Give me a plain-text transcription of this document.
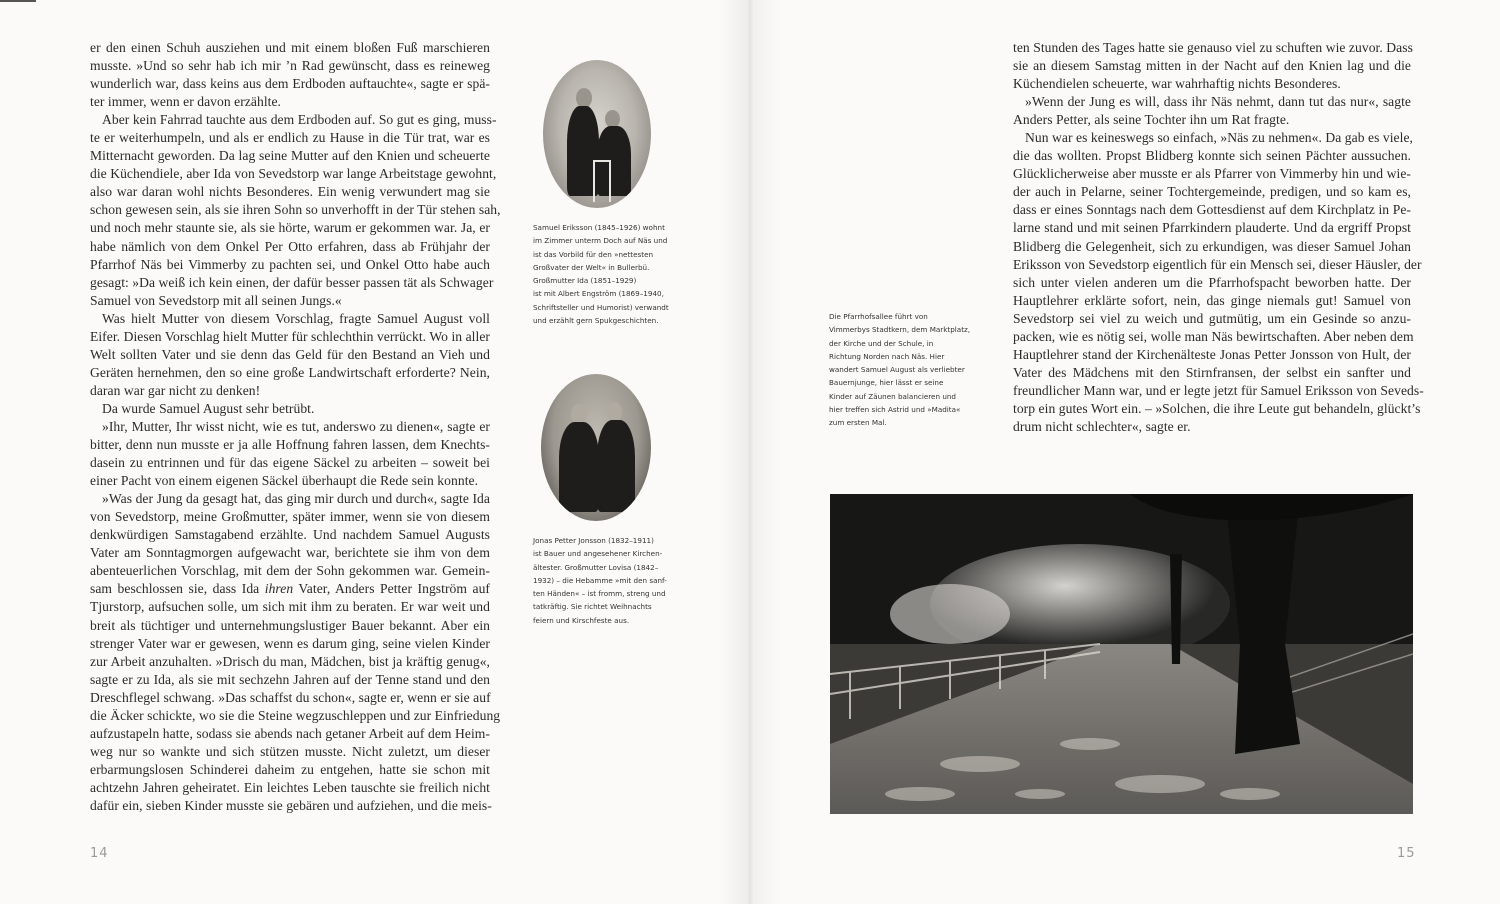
er den einen Schuh ausziehen und mit einem bloßen Fuß marschieren
musste. »Und so sehr hab ich mir ’n Rad gewünscht, dass es reineweg
wunderlich war, dass keins aus dem Erdboden auftauchte«, sagte er spä-
ter immer, wenn er davon erzählte.
Aber kein Fahrrad tauchte aus dem Erdboden auf. So gut es ging, muss-
te er weiterhumpeln, und als er endlich zu Hause in die Tür trat, war es
Mitternacht geworden. Da lag seine Mutter auf den Knien und scheuerte
die Küchendiele, aber Ida von Sevedstorp war lange Arbeitstage gewohnt,
also war daran wohl nichts Besonderes. Ein wenig verwundert mag sie
schon gewesen sein, als sie ihren Sohn so unverhofft in der Tür stehen sah,
und noch mehr staunte sie, als sie hörte, warum er gekommen war. Ja, er
habe nämlich von dem Onkel Per Otto erfahren, dass ab Frühjahr der
Pfarrhof Näs bei Vimmerby zu pachten sei, und Onkel Otto habe auch
gesagt: »Da weiß ich kein einen, der dafür besser passen tät als Schwager
Samuel von Sevedstorp mit all seinen Jungs.«
Was hielt Mutter von diesem Vorschlag, fragte Samuel August voll
Eifer. Diesen Vorschlag hielt Mutter für schlechthin verrückt. Wo in aller
Welt sollten Vater und sie denn das Geld für den Bestand an Vieh und
Geräten hernehmen, den so eine große Landwirtschaft erforderte? Nein,
daran war gar nicht zu denken!
Da wurde Samuel August sehr betrübt.
»Ihr, Mutter, Ihr wisst nicht, wie es tut, anderswo zu dienen«, sagte er
bitter, denn nun musste er ja alle Hoffnung fahren lassen, dem Knechts-
dasein zu entrinnen und für das eigene Säckel zu arbeiten – soweit bei
einer Pacht von einem eigenen Säckel überhaupt die Rede sein konnte.
»Was der Jung da gesagt hat, das ging mir durch und durch«, sagte Ida
von Sevedstorp, meine Großmutter, später immer, wenn sie von diesem
denkwürdigen Samstagabend erzählte. Und nachdem Samuel Augusts
Vater am Sonntagmorgen aufgewacht war, berichtete sie ihm von dem
abenteuerlichen Vorschlag, mit dem der Sohn gekommen war. Gemein-
sam beschlossen sie, dass Ida ihren Vater, Anders Petter Ingström auf
Tjurstorp, aufsuchen solle, um sich mit ihm zu beraten. Er war weit und
breit als tüchtiger und unternehmungslustiger Bauer bekannt. Aber ein
strenger Vater war er gewesen, wenn es darum ging, seine vielen Kinder
zur Arbeit anzuhalten. »Drisch du man, Mädchen, bist ja kräftig genug«,
sagte er zu Ida, als sie mit sechzehn Jahren auf der Tenne stand und den
Dreschflegel schwang. »Das schaffst du schon«, sagte er, wenn er sie auf
die Äcker schickte, wo sie die Steine wegzuschleppen und zur Einfriedung
aufzustapeln hatte, sodass sie abends nach getaner Arbeit auf dem Heim-
weg nur so wankte und sich stützen musste. Nicht zuletzt, um dieser
erbarmungslosen Schinderei daheim zu entgehen, hatte sie schon mit
achtzehn Jahren geheiratet. Ein leichtes Leben tauschte sie freilich nicht
dafür ein, sieben Kinder musste sie gebären und aufziehen, und die meis-
ten Stunden des Tages hatte sie genauso viel zu schuften wie zuvor. Dass
sie an diesem Samstag mitten in der Nacht auf den Knien lag und die
Küchendielen scheuerte, war wahrhaftig nichts Besonderes.
»Wenn der Jung es will, dass ihr Näs nehmt, dann tut das nur«, sagte
Anders Petter, als seine Tochter ihn um Rat fragte.
Nun war es keineswegs so einfach, »Näs zu nehmen«. Da gab es viele,
die das wollten. Propst Blidberg konnte sich seinen Pächter aussuchen.
Glücklicherweise aber musste er als Pfarrer von Vimmerby hin und wie-
der auch in Pelarne, seiner Tochtergemeinde, predigen, und so kam es,
dass er eines Sonntags nach dem Gottesdienst auf dem Kirchplatz in Pe-
larne stand und mit seinen Pfarrkindern plauderte. Und da ergriff Propst
Blidberg die Gelegenheit, sich zu erkundigen, was dieser Samuel Johan
Eriksson von Sevedstorp eigentlich für ein Mensch sei, dieser Häusler, der
sich unter vielen anderen um die Pfarrhofspacht beworben hatte. Der
Hauptlehrer erklärte sofort, nein, das ginge niemals gut! Samuel von
Sevedstorp sei viel zu weich und gutmütig, um ein Gesinde so anzu-
packen, wie es nötig sei, wolle man Näs bewirtschaften. Aber neben dem
Hauptlehrer stand der Kirchenälteste Jonas Petter Jonsson von Hult, der
Vater des Mädchens mit den Stirnfransen, der selbst ein sanfter und
freundlicher Mann war, und er legte jetzt für Samuel Eriksson von Seveds-
torp ein gutes Wort ein. – »Solchen, die ihre Leute gut behandeln, glückt’s
drum nicht schlechter«, sagte er.
Samuel Eriksson (1845–1926) wohnt
im Zimmer unterm Doch auf Näs und
ist das Vorbild für den »nettesten
Großvater der Welt« in Bullerbü.
Großmutter Ida (1851–1929)
ist mit Albert Engström (1869–1940,
Schriftsteller und Humorist) verwandt
und erzählt gern Spukgeschichten.
Jonas Petter Jonsson (1832–1911)
ist Bauer und angesehener Kirchen-
ältester. Großmutter Lovisa (1842–
1932) – die Hebamme »mit den sanf-
ten Händen« – ist fromm, streng und
tatkräftig. Sie richtet Weihnachts
feiern und Kirschfeste aus.
Die Pfarrhofsallee führt von
Vimmerbys Stadtkern, dem Marktplatz,
der Kirche und der Schule, in
Richtung Norden nach Näs. Hier
wandert Samuel August als verliebter
Bauernjunge, hier lässt er seine
Kinder auf Zäunen balancieren und
hier treffen sich Astrid und »Madita«
zum ersten Mal.
14	15
